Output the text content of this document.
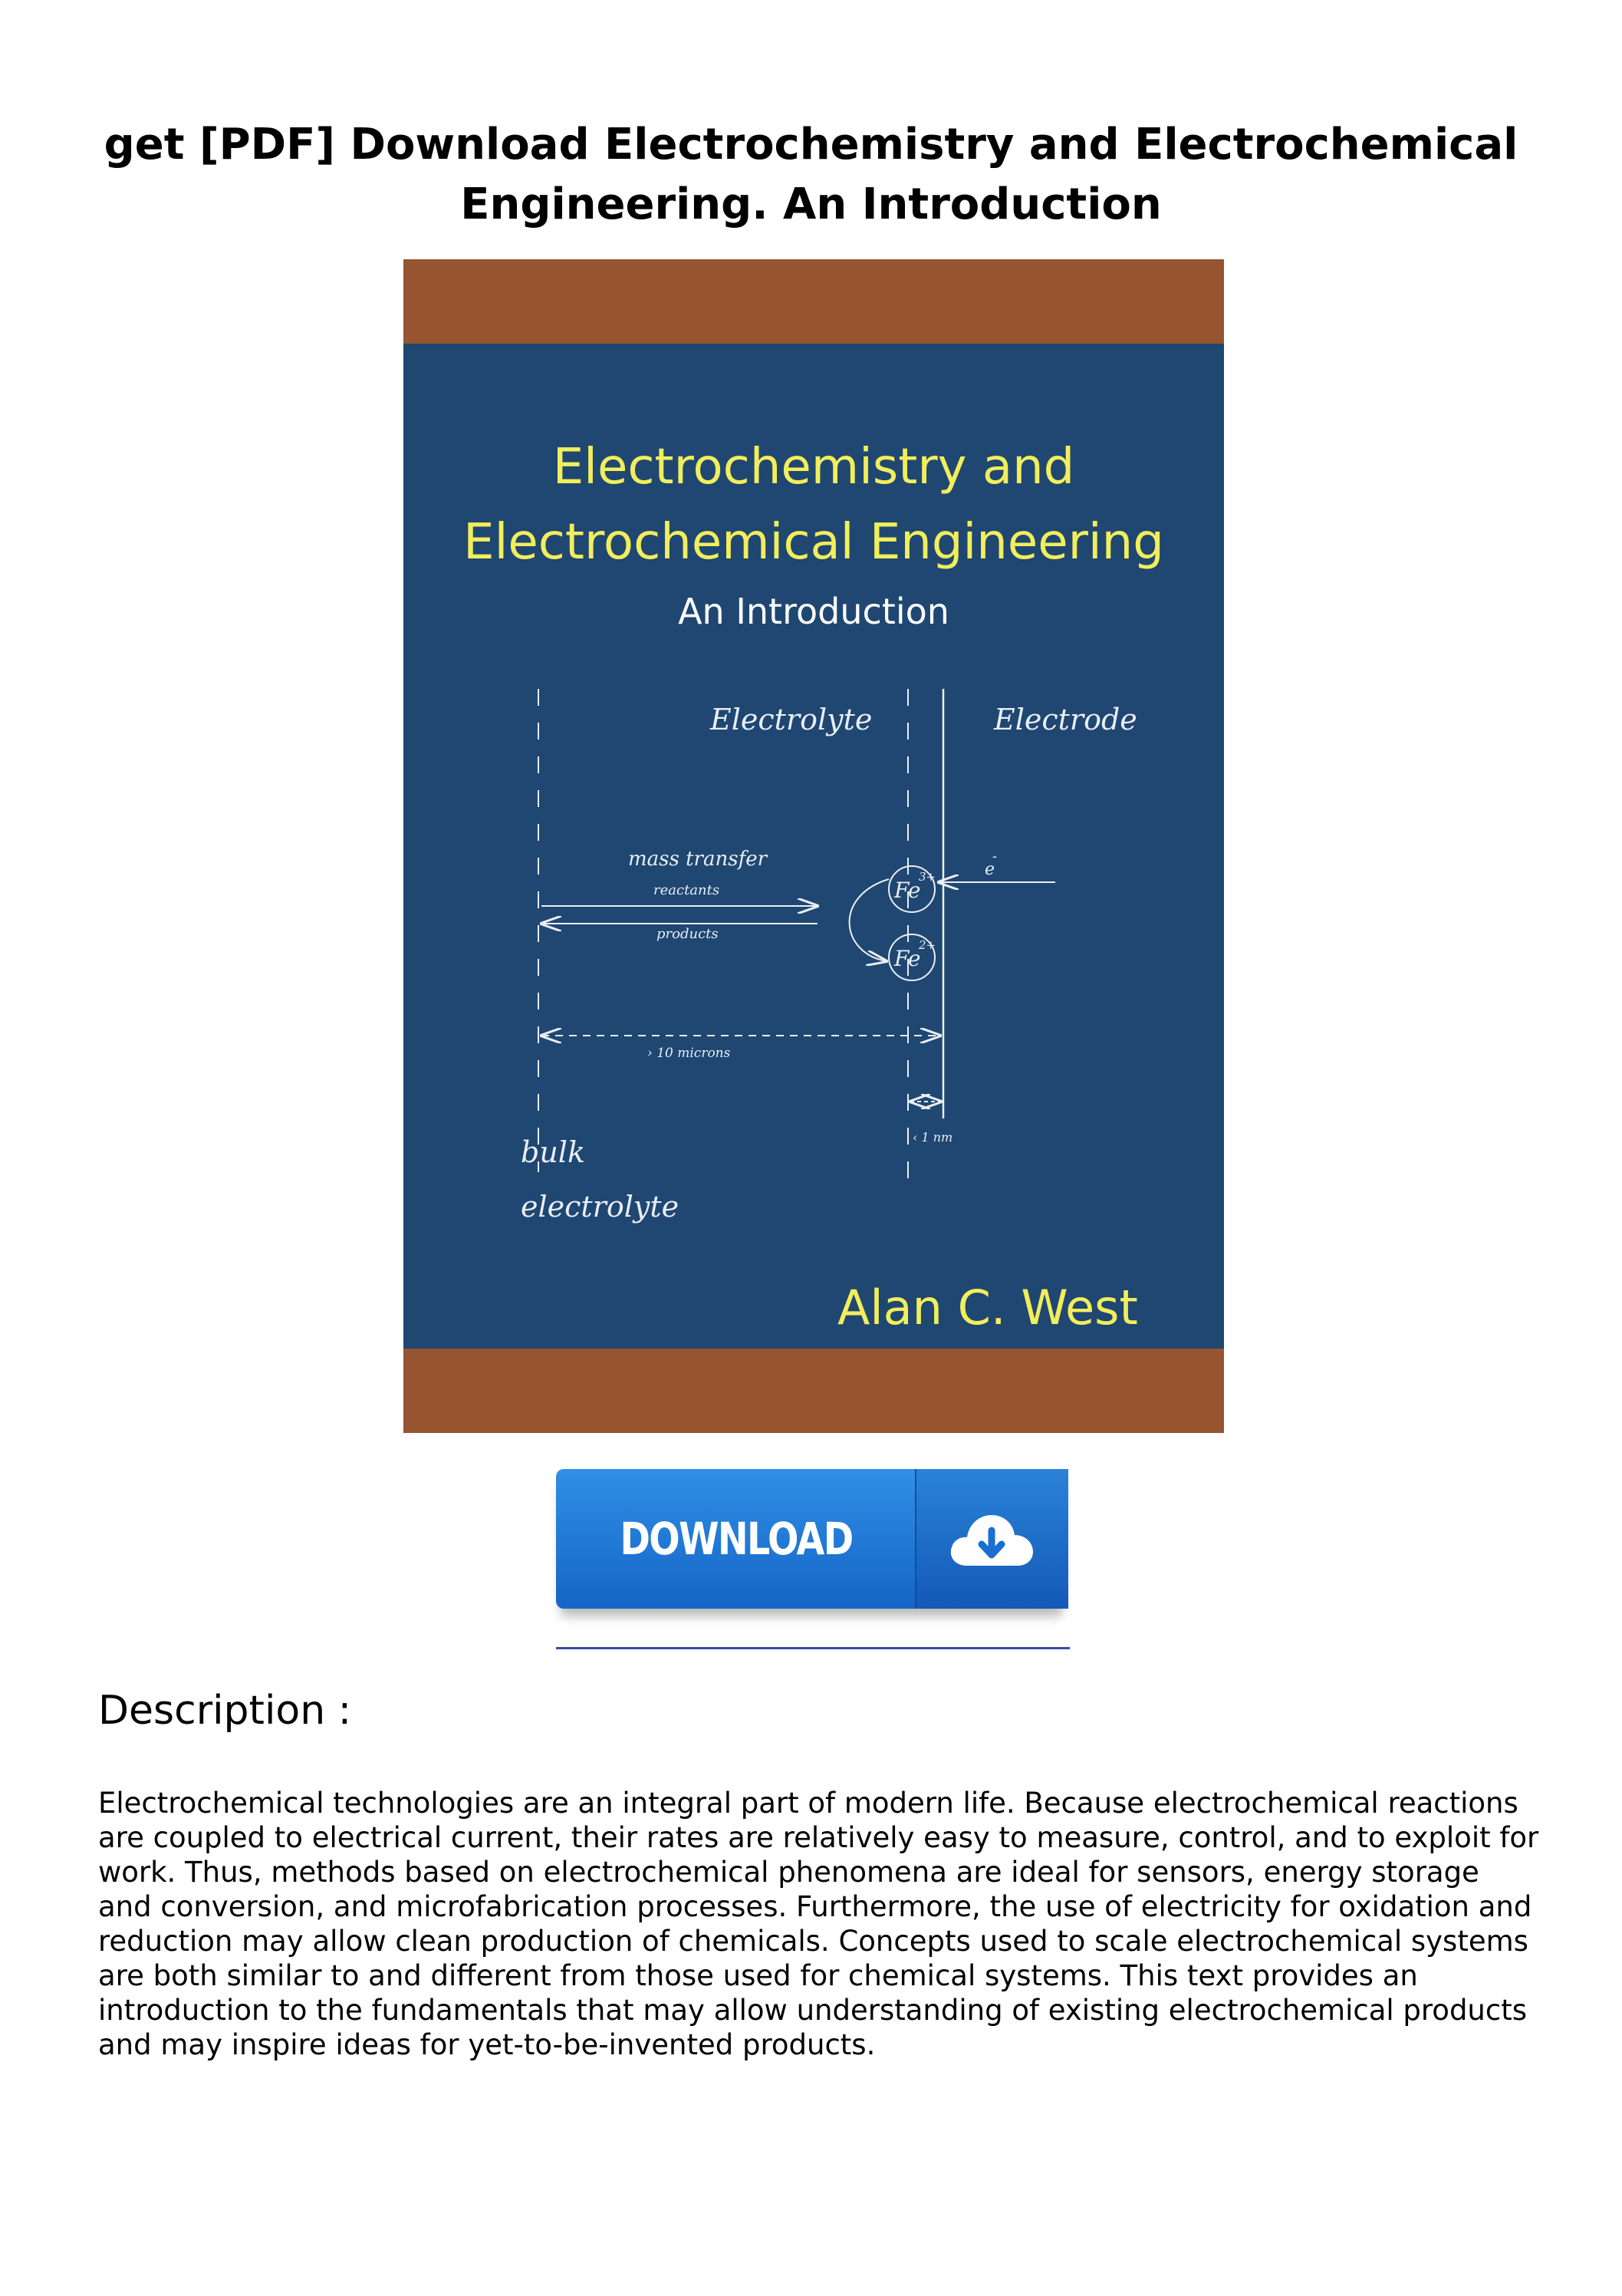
get [PDF] Download Electrochemistry and Electrochemical
Engineering. An Introduction
Electrochemistry and
Electrochemical Engineering
An Introduction
Electrolyte	Electrode
mass transfer
reactants
products
Fe
3+
Fe
2+
e
-
› 10 microns
‹ 1 nm
bulk
electrolyte
Alan C. West
DOWNLOAD NOW
Description :

Electrochemical technologies are an integral part of modern life. Because electrochemical reactions are coupled to electrical current, their rates are relatively easy to measure, control, and to exploit for work. Thus, methods based on electrochemical phenomena are ideal for sensors, energy storage and conversion, and microfabrication processes. Furthermore, the use of electricity for oxidation and reduction may allow clean production of chemicals. Concepts used to scale electrochemical systems are both similar to and different from those used for chemical systems. This text provides an introduction to the fundamentals that may allow understanding of existing electrochemical products and may inspire ideas for yet-to-be-invented products.
